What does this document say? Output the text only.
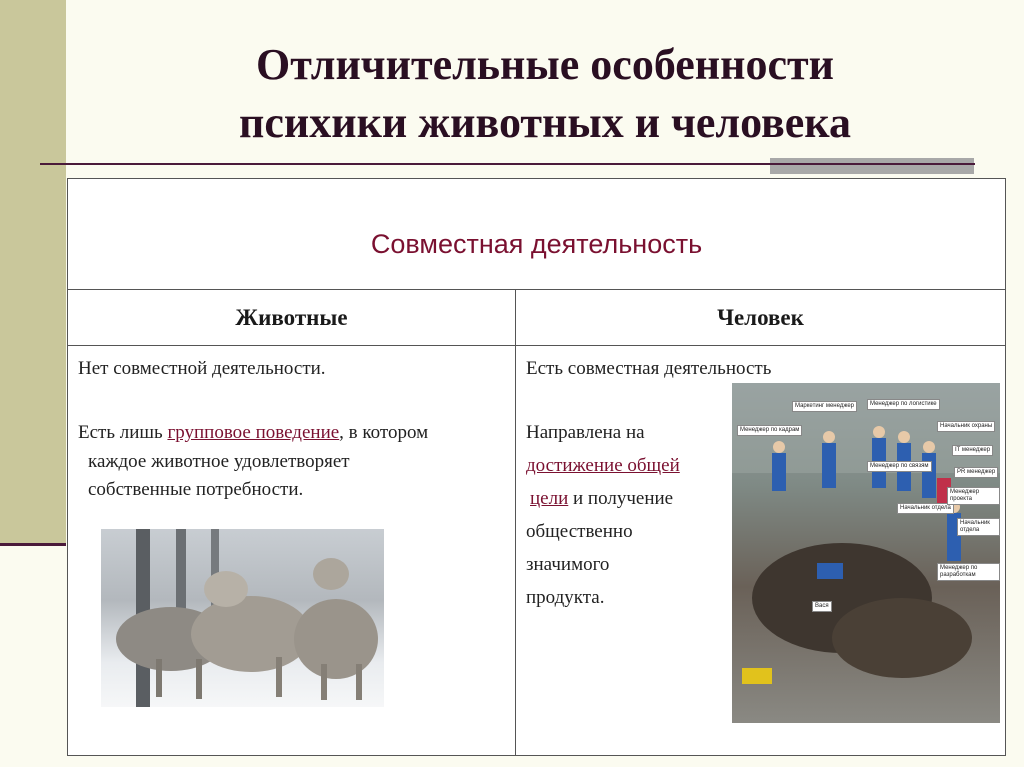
Отличительные особенности
психики животных и человека
Совместная деятельность
Животные	Человек
Нет совместной деятельности.
Есть лишь групповое поведение, в котором
каждое животное удовлетворяет
собственные потребности.
Есть совместная деятельность
Направлена на
достижение общей
цели и получение
общественно
значимого
продукта.
Маркетинг менеджер	Менеджер по логистике
Менеджер по кадрам
Начальник охраны
IT менеджер
Менеджер по связям
Начальник отдела
PR менеджер
Менеджер проекта
Начальник отдела
Менеджер по разработкам
Вася
